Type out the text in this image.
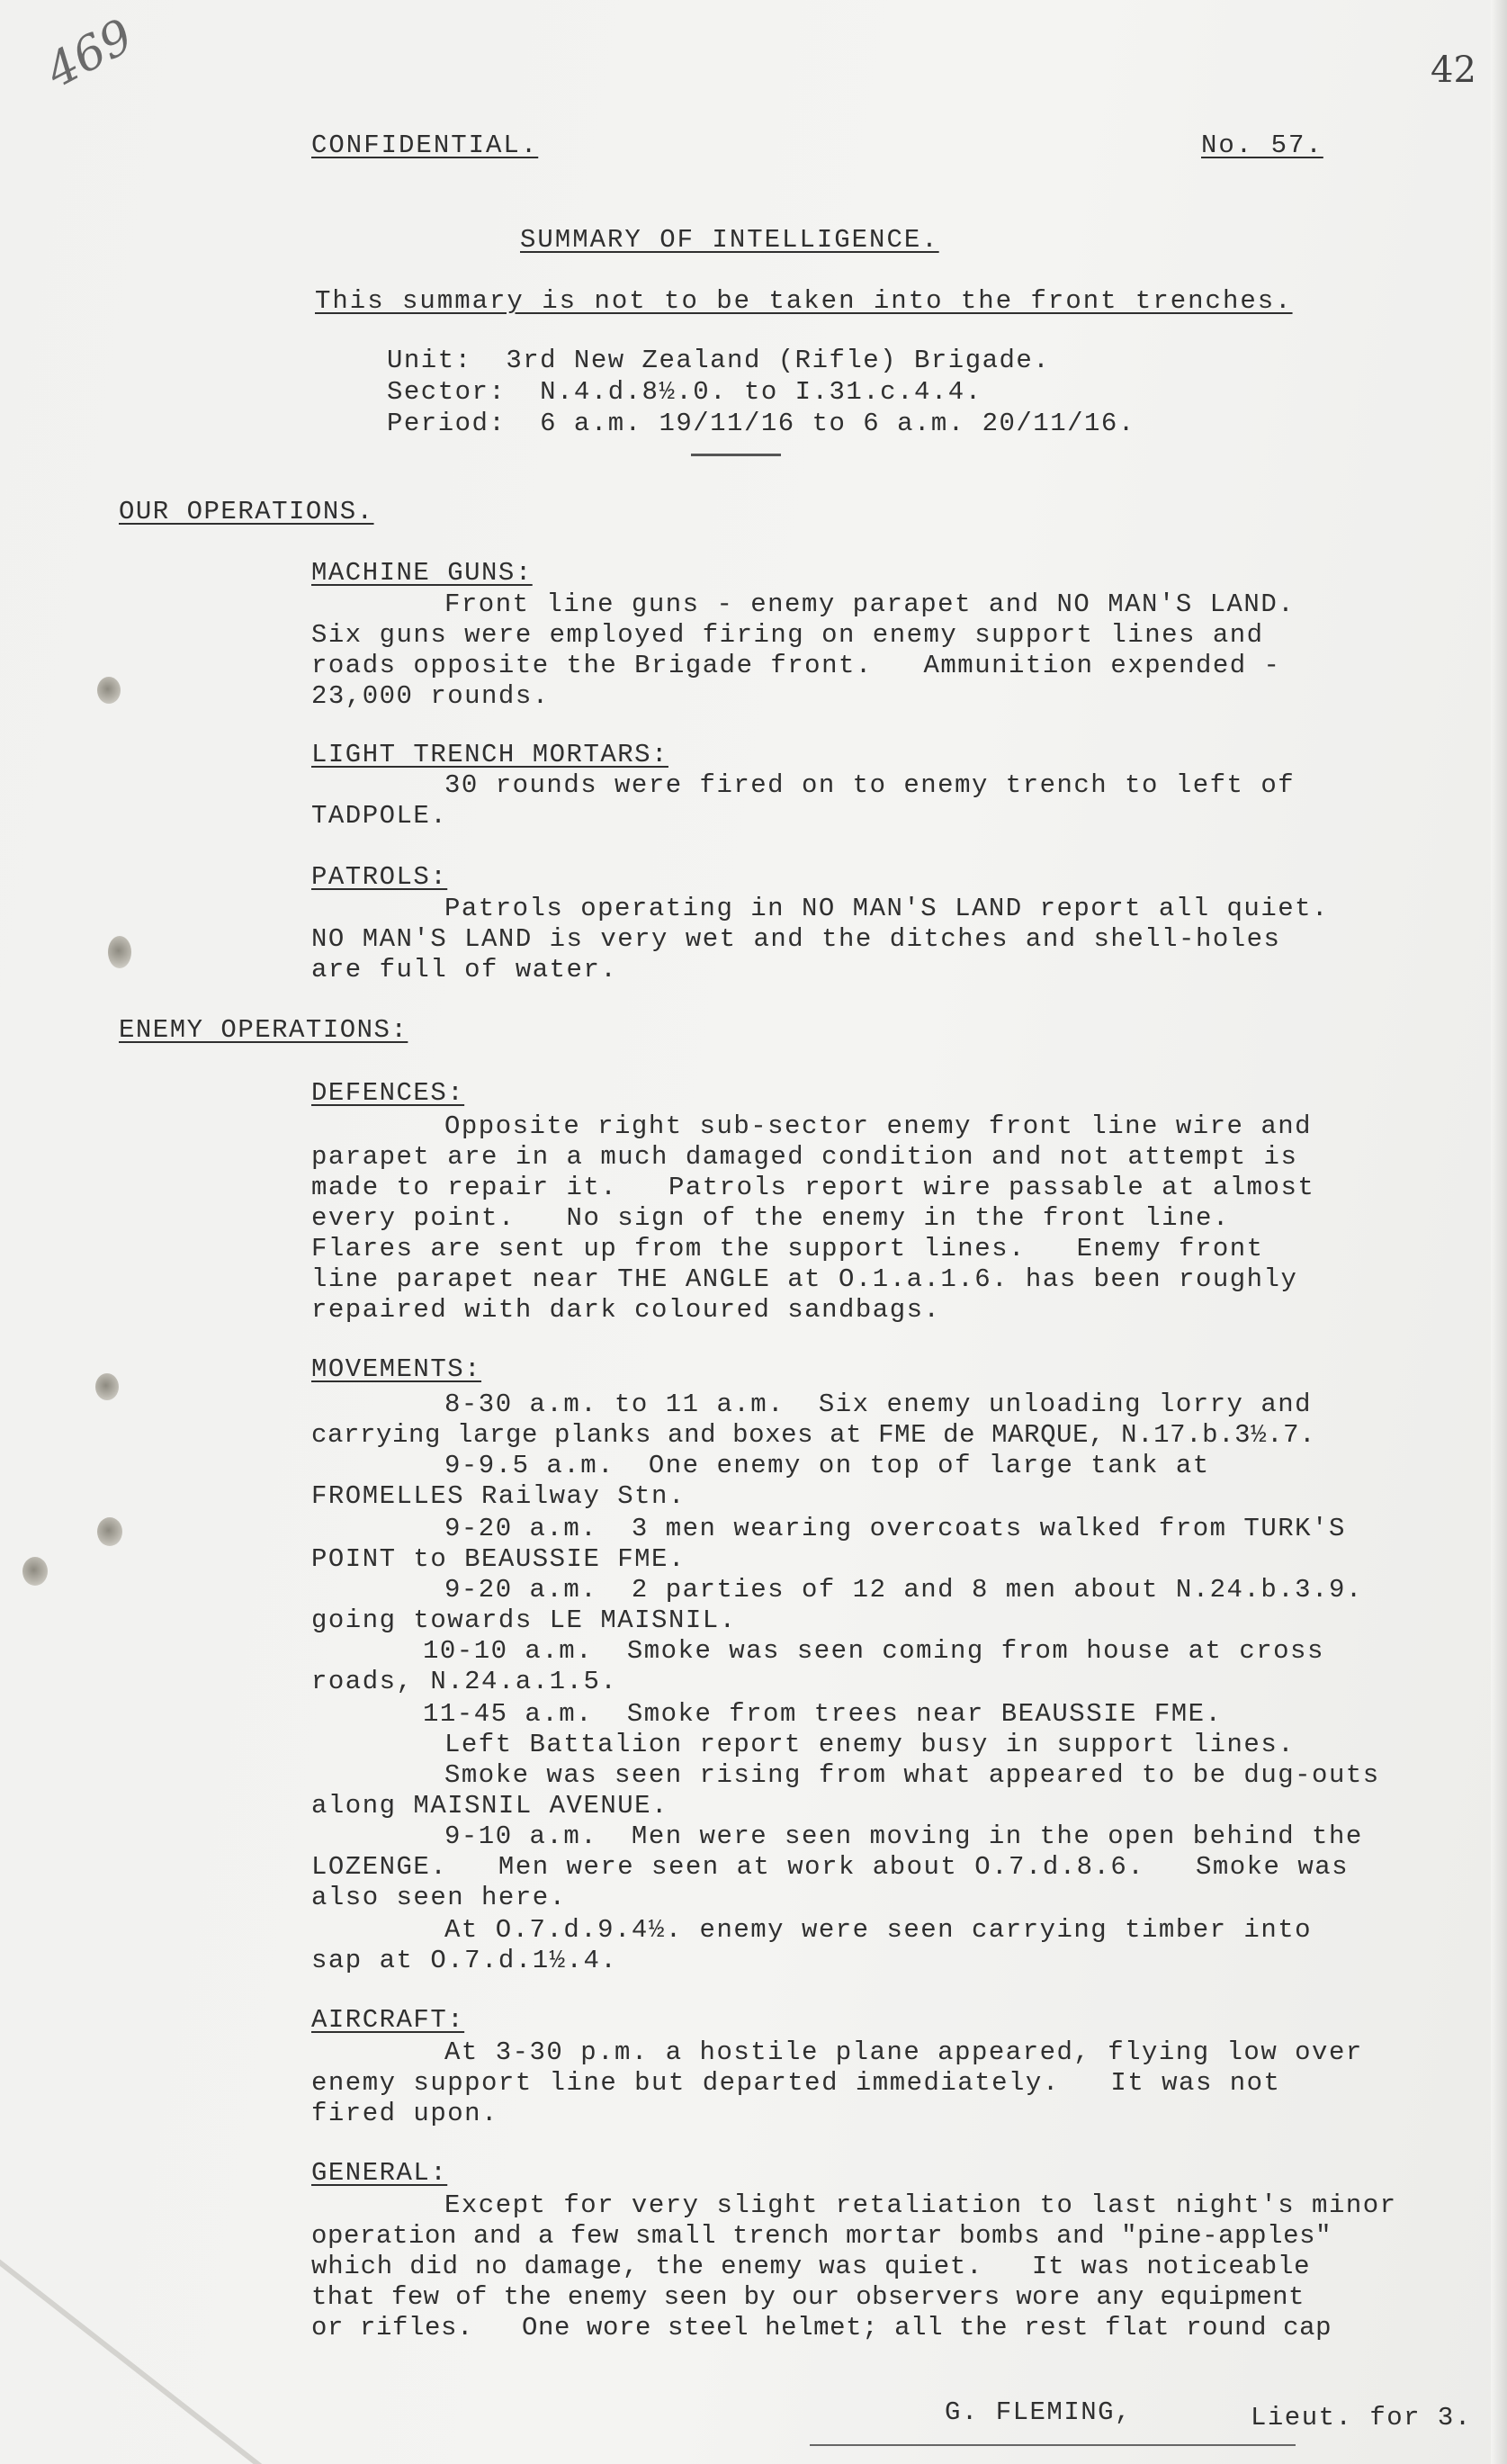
469	42
CONFIDENTIAL.	No. 57.
SUMMARY OF INTELLIGENCE.
This summary is not to be taken into the front trenches.
Unit:  3rd New Zealand (Rifle) Brigade.
Sector:  N.4.d.8½.0. to I.31.c.4.4.
Period:  6 a.m. 19/11/16 to 6 a.m. 20/11/16.
OUR OPERATIONS.
MACHINE GUNS:
Front line guns - enemy parapet and NO MAN'S LAND.
Six guns were employed firing on enemy support lines and
roads opposite the Brigade front.   Ammunition expended -
23,000 rounds.
LIGHT TRENCH MORTARS:
30 rounds were fired on to enemy trench to left of
TADPOLE.
PATROLS:
Patrols operating in NO MAN'S LAND report all quiet.
NO MAN'S LAND is very wet and the ditches and shell-holes
are full of water.
ENEMY OPERATIONS:
DEFENCES:
Opposite right sub-sector enemy front line wire and
parapet are in a much damaged condition and not attempt is
made to repair it.   Patrols report wire passable at almost
every point.   No sign of the enemy in the front line.
Flares are sent up from the support lines.   Enemy front
line parapet near THE ANGLE at O.1.a.1.6. has been roughly
repaired with dark coloured sandbags.
MOVEMENTS:
8-30 a.m. to 11 a.m.  Six enemy unloading lorry and
carrying large planks and boxes at FME de MARQUE, N.17.b.3½.7.
9-9.5 a.m.  One enemy on top of large tank at
FROMELLES Railway Stn.
9-20 a.m.  3 men wearing overcoats walked from TURK'S
POINT to BEAUSSIE FME.
9-20 a.m.  2 parties of 12 and 8 men about N.24.b.3.9.
going towards LE MAISNIL.
10-10 a.m.  Smoke was seen coming from house at cross
roads, N.24.a.1.5.
11-45 a.m.  Smoke from trees near BEAUSSIE FME.
Left Battalion report enemy busy in support lines.
Smoke was seen rising from what appeared to be dug-outs
along MAISNIL AVENUE.
9-10 a.m.  Men were seen moving in the open behind the
LOZENGE.   Men were seen at work about O.7.d.8.6.   Smoke was
also seen here.
At O.7.d.9.4½. enemy were seen carrying timber into
sap at O.7.d.1½.4.
AIRCRAFT:
At 3-30 p.m. a hostile plane appeared, flying low over
enemy support line but departed immediately.   It was not
fired upon.
GENERAL:
Except for very slight retaliation to last night's minor
operation and a few small trench mortar bombs and "pine-apples"
which did no damage, the enemy was quiet.   It was noticeable
that few of the enemy seen by our observers wore any equipment
or rifles.   One wore steel helmet; all the rest flat round cap
G. FLEMING,	Lieut. for 3.
